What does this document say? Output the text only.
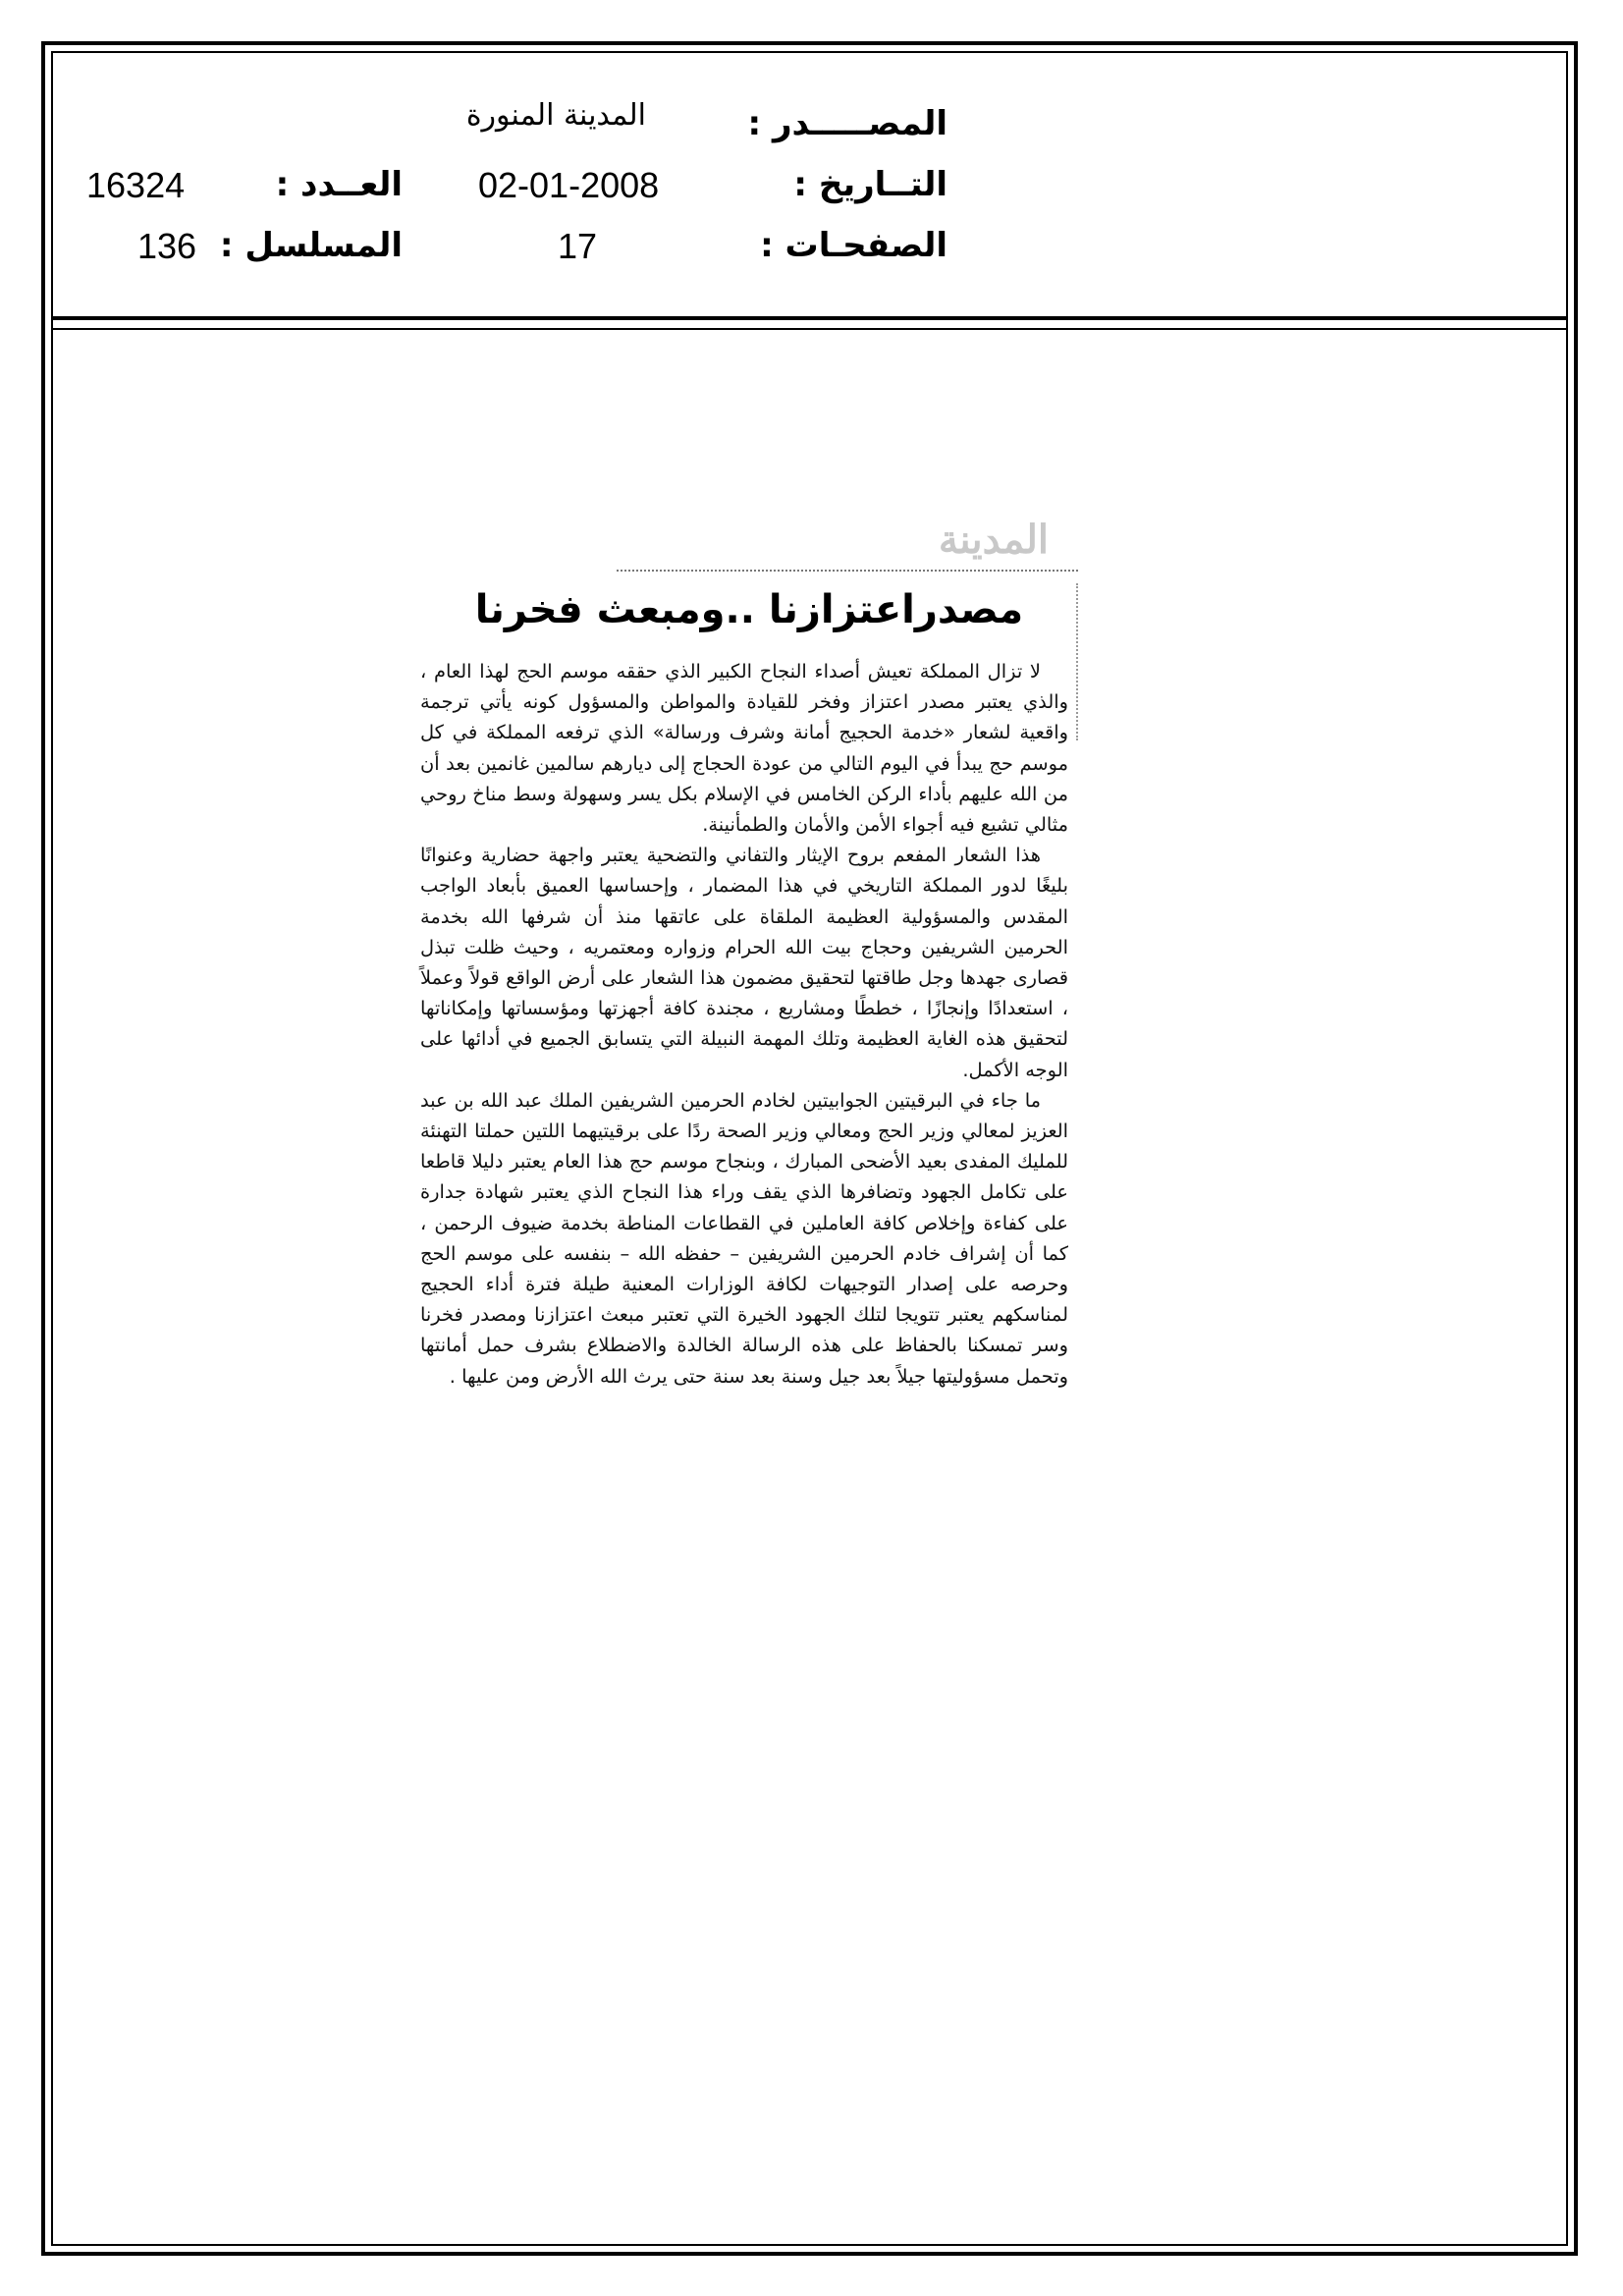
المصـــــدر :
المدينة المنورة
التــاريخ :
02-01-2008
العــدد :
16324
الصفحـات :
17
المسلسل :
136
المدينة
مصدراعتزازنا ..ومبعث فخرنا

لا تزال المملكة تعيش أصداء النجاح الكبير الذي حققه موسم الحج لهذا العام ، والذي يعتبر مصدر اعتزاز وفخر للقيادة والمواطن والمسؤول كونه يأتي ترجمة واقعية لشعار «خدمة الحجيج أمانة وشرف ورسالة» الذي ترفعه المملكة في كل موسم حج يبدأ في اليوم التالي من عودة الحجاج إلى ديارهم سالمين غانمين بعد أن من الله عليهم بأداء الركن الخامس في الإسلام بكل يسر وسهولة وسط مناخ روحي مثالي تشيع فيه أجواء الأمن والأمان والطمأنينة.

هذا الشعار المفعم بروح الإيثار والتفاني والتضحية يعتبر واجهة حضارية وعنوانًا بليغًا لدور المملكة التاريخي في هذا المضمار ، وإحساسها العميق بأبعاد الواجب المقدس والمسؤولية العظيمة الملقاة على عاتقها منذ أن شرفها الله بخدمة الحرمين الشريفين وحجاج بيت الله الحرام وزواره ومعتمريه ، وحيث ظلت تبذل قصارى جهدها وجل طاقتها لتحقيق مضمون هذا الشعار على أرض الواقع قولاً وعملاً ، استعدادًا وإنجازًا ، خططًا ومشاريع ، مجندة كافة أجهزتها ومؤسساتها وإمكاناتها لتحقيق هذه الغاية العظيمة وتلك المهمة النبيلة التي يتسابق الجميع في أدائها على الوجه الأكمل.

ما جاء في البرقيتين الجوابيتين لخادم الحرمين الشريفين الملك عبد الله بن عبد العزيز لمعالي وزير الحج ومعالي وزير الصحة ردًا على برقيتيهما اللتين حملتا التهنئة للمليك المفدى بعيد الأضحى المبارك ، وبنجاح موسم حج هذا العام يعتبر دليلا قاطعا على تكامل الجهود وتضافرها الذي يقف وراء هذا النجاح الذي يعتبر شهادة جدارة على كفاءة وإخلاص كافة العاملين في القطاعات المناطة بخدمة ضيوف الرحمن ، كما أن إشراف خادم الحرمين الشريفين – حفظه الله – بنفسه على موسم الحج وحرصه على إصدار التوجيهات لكافة الوزارات المعنية طيلة فترة أداء الحجيج لمناسكهم يعتبر تتويجا لتلك الجهود الخيرة التي تعتبر مبعث اعتزازنا ومصدر فخرنا وسر تمسكنا بالحفاظ على هذه الرسالة الخالدة والاضطلاع بشرف حمل أمانتها وتحمل مسؤوليتها جيلاً بعد جيل وسنة بعد سنة حتى يرث الله الأرض ومن عليها .
